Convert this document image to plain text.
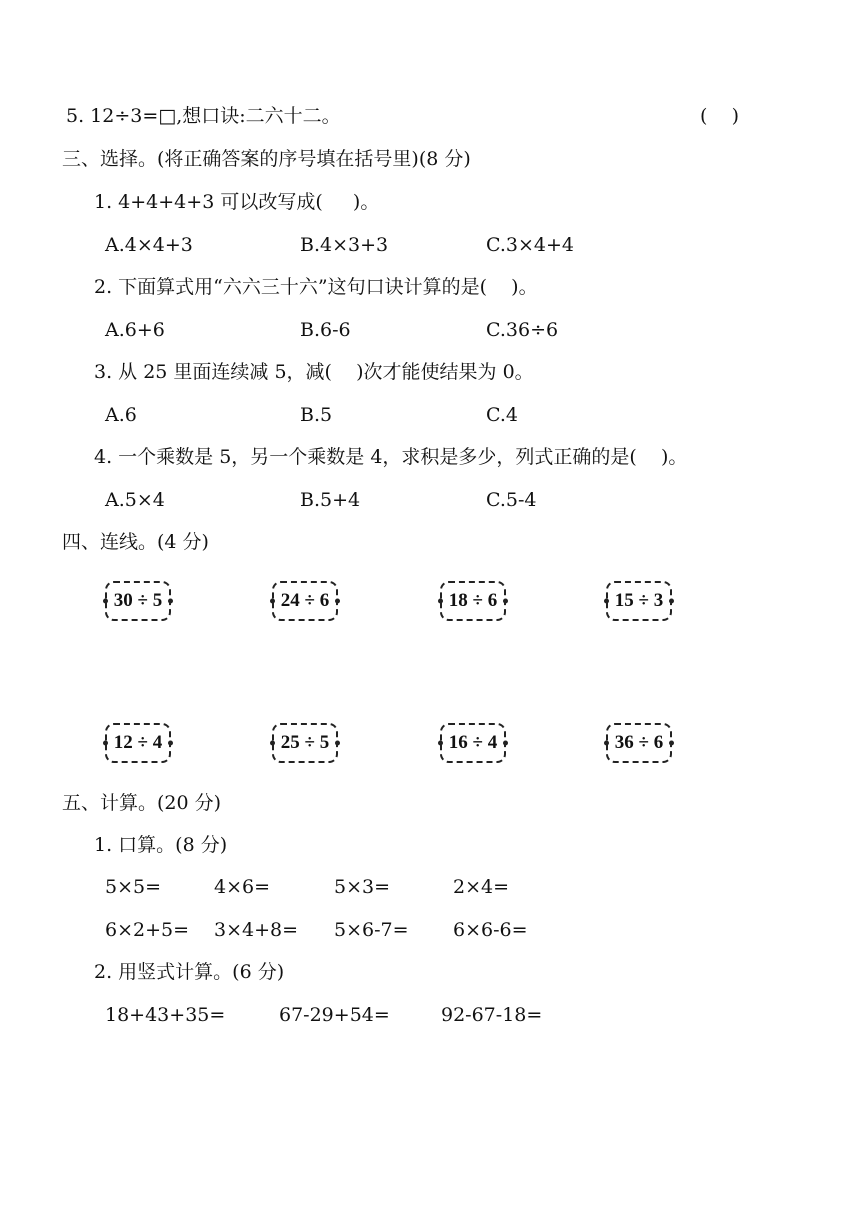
5. 12÷3=□,想口诀:二六十二。	(    )
三、选择。(将正确答案的序号填在括号里)(8 分)
1. 4+4+4+3 可以改写成(     )。
A.4×4+3	B.4×3+3	C.3×4+4
2. 下面算式用“六六三十六”这句口诀计算的是(    )。
A.6+6	B.6-6	C.36÷6
3. 从 25 里面连续减 5，减(    )次才能使结果为 0。
A.6	B.5	C.4
4. 一个乘数是 5，另一个乘数是 4，求积是多少，列式正确的是(    )。
A.5×4	B.5+4	C.5-4
四、连线。(4 分)
30 ÷ 5	24 ÷ 6	18 ÷ 6	15 ÷ 3
12 ÷ 4	25 ÷ 5	16 ÷ 4	36 ÷ 6
五、计算。(20 分)
1. 口算。(8 分)
5×5=	4×6=	5×3=	2×4=
6×2+5= 3×4+8= 5×6-7= 6×6-6=
2. 用竖式计算。(6 分)
18+43+35=	67-29+54=	92-67-18=
